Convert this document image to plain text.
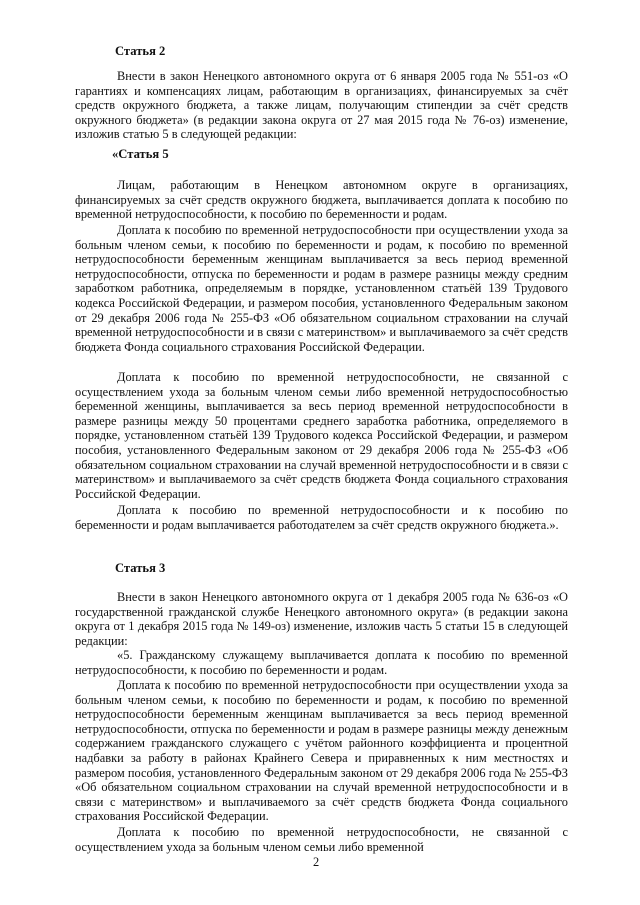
Статья 2

Внести в закон Ненецкого автономного округа от 6 января 2005 года № 551-оз «О гарантиях и компенсациях лицам, работающим в организациях, финансируемых за счёт средств окружного бюджета, а также лицам, получающим стипендии за счёт средств окружного бюджета» (в редакции закона округа от 27 мая 2015 года № 76-оз) изменение, изложив статью 5 в следующей редакции:

«Статья 5

Лицам, работающим в Ненецком автономном округе в организациях, финансируемых за счёт средств окружного бюджета, выплачивается доплата к пособию по временной нетрудоспособности, к пособию по беременности и родам.

Доплата к пособию по временной нетрудоспособности при осуществлении ухода за больным членом семьи, к пособию по беременности и родам, к пособию по временной нетрудоспособности беременным женщинам выплачивается за весь период временной нетрудоспособности, отпуска по беременности и родам в размере разницы между средним заработком работника, определяемым в порядке, установленном статьёй 139 Трудового кодекса Российской Федерации, и размером пособия, установленного Федеральным законом от 29 декабря 2006 года № 255-ФЗ «Об обязательном социальном страховании на случай временной нетрудоспособности и в связи с материнством» и выплачиваемого за счёт средств бюджета Фонда социального страхования Российской Федерации.

Доплата к пособию по временной нетрудоспособности, не связанной с осуществлением ухода за больным членом семьи либо временной нетрудоспособностью беременной женщины, выплачивается за весь период временной нетрудоспособности в размере разницы между 50 процентами среднего заработка работника, определяемого в порядке, установленном статьёй 139 Трудового кодекса Российской Федерации, и размером пособия, установленного Федеральным законом от 29 декабря 2006 года № 255-ФЗ «Об обязательном социальном страховании на случай временной нетрудоспособности и в связи с материнством» и выплачиваемого за счёт средств бюджета Фонда социального страхования Российской Федерации.

Доплата к пособию по временной нетрудоспособности и к пособию по беременности и родам выплачивается работодателем за счёт средств окружного бюджета.».

Статья 3

Внести в закон Ненецкого автономного округа от 1 декабря 2005 года № 636-оз «О государственной гражданской службе Ненецкого автономного округа» (в редакции закона округа от 1 декабря 2015 года № 149-оз) изменение, изложив часть 5 статьи 15 в следующей редакции:

«5. Гражданскому служащему выплачивается доплата к пособию по временной нетрудоспособности, к пособию по беременности и родам.

Доплата к пособию по временной нетрудоспособности при осуществлении ухода за больным членом семьи, к пособию по беременности и родам, к пособию по временной нетрудоспособности беременным женщинам выплачивается за весь период временной нетрудоспособности, отпуска по беременности и родам в размере разницы между денежным содержанием гражданского служащего с учётом районного коэффициента и процентной надбавки за работу в районах Крайнего Севера и приравненных к ним местностях и размером пособия, установленного Федеральным законом от 29 декабря 2006 года № 255-ФЗ «Об обязательном социальном страховании на случай временной нетрудоспособности и в связи с материнством» и выплачиваемого за счёт средств бюджета Фонда социального страхования Российской Федерации.

Доплата к пособию по временной нетрудоспособности, не связанной с осуществлением ухода за больным членом семьи либо временной

2
